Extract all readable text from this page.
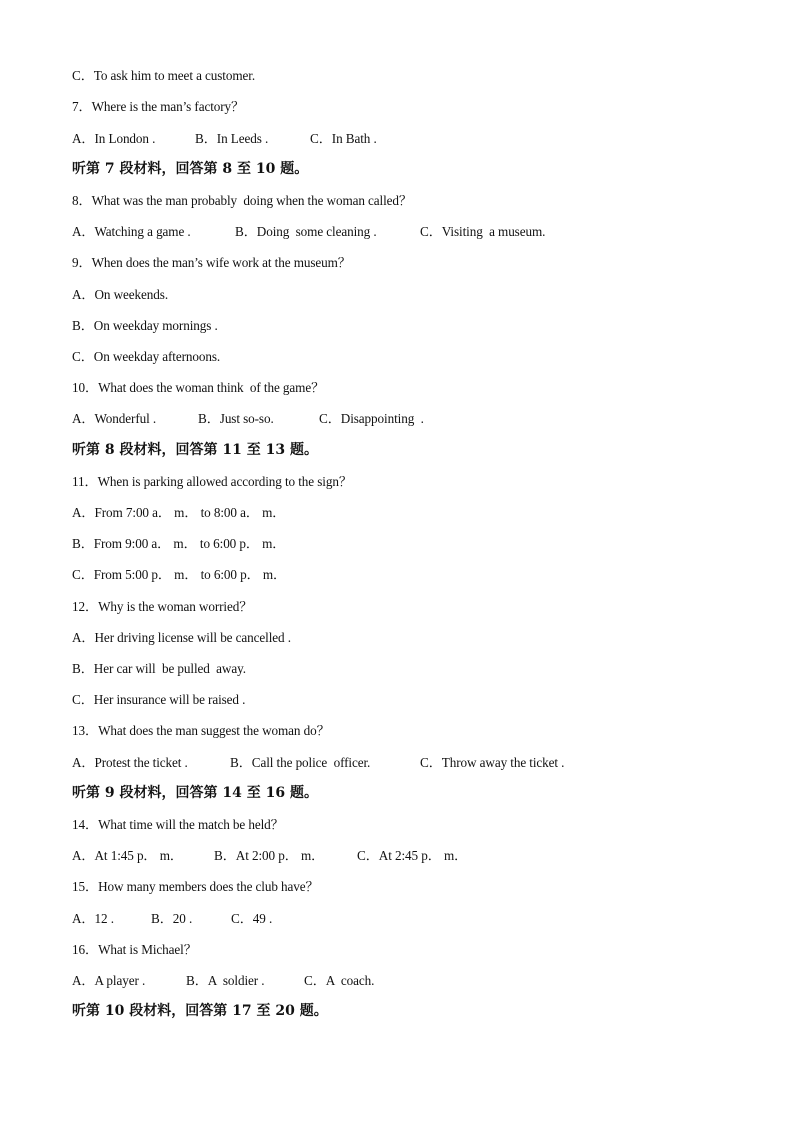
C．To ask him to meet a customer.
7．Where is the man’s factory？
A．In London .	B．In Leeds .	C．In Bath .
听第 7 段材料，回答第 8 至 10 题。
8．What was the man probably  doing when the woman called？
A．Watching a game .	B．Doing  some cleaning .	C．Visiting  a museum.
9．When does the man’s wife work at the museum？
A．On weekends.
B．On weekday mornings .
C．On weekday afternoons.
10．What does the woman think  of the game？
A．Wonderful .	B．Just so-so.	C．Disappointing  .
听第 8 段材料，回答第 11 至 13 题。
11．When is parking allowed according to the sign？
A．From 7:00 a． m． to 8:00 a． m．
B．From 9:00 a． m． to 6:00 p． m．
C．From 5:00 p． m． to 6:00 p． m．
12．Why is the woman worried？
A．Her driving license will be cancelled .
B．Her car will  be pulled  away.
C．Her insurance will be raised .
13．What does the man suggest the woman do？
A．Protest the ticket .	B．Call the police  officer.	C．Throw away the ticket .
听第 9 段材料，回答第 14 至 16 题。
14．What time will the match be held？
A．At 1:45 p． m．	B．At 2:00 p． m．	C．At 2:45 p． m．
15．How many members does the club have？
A．12 .	B．20 .	C．49 .
16．What is Michael？
A．A player .	B．A  soldier .	C．A  coach.
听第 10 段材料，回答第 17 至 20 题。
